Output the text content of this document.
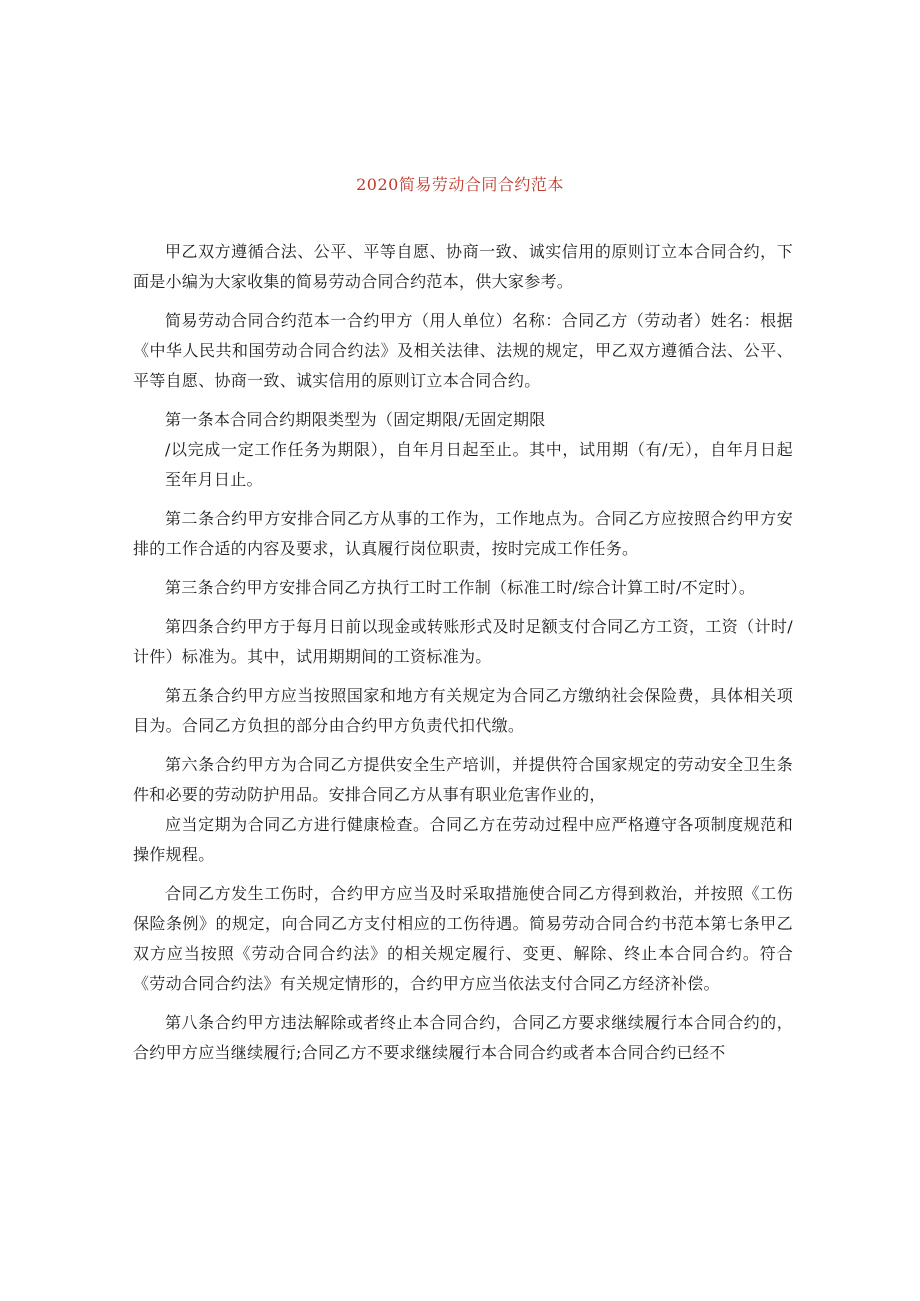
2020简易劳动合同合约范本

甲乙双方遵循合法、公平、平等自愿、协商一致、诚实信用的原则订立本合同合约，下面是小编为大家收集的简易劳动合同合约范本，供大家参考。

简易劳动合同合约范本一合约甲方（用人单位）名称：合同乙方（劳动者）姓名：根据《中华人民共和国劳动合同合约法》及相关法律、法规的规定，甲乙双方遵循合法、公平、平等自愿、协商一致、诚实信用的原则订立本合同合约。

第一条本合同合约期限类型为（固定期限/无固定期限

/以完成一定工作任务为期限），自年月日起至止。其中，试用期（有/无），自年月日起至年月日止。

第二条合约甲方安排合同乙方从事的工作为，工作地点为。合同乙方应按照合约甲方安排的工作合适的内容及要求，认真履行岗位职责，按时完成工作任务。

第三条合约甲方安排合同乙方执行工时工作制（标准工时/综合计算工时/不定时）。

第四条合约甲方于每月日前以现金或转账形式及时足额支付合同乙方工资，工资（计时/计件）标准为。其中，试用期期间的工资标准为。

第五条合约甲方应当按照国家和地方有关规定为合同乙方缴纳社会保险费，具体相关项目为。合同乙方负担的部分由合约甲方负责代扣代缴。

第六条合约甲方为合同乙方提供安全生产培训，并提供符合国家规定的劳动安全卫生条件和必要的劳动防护用品。安排合同乙方从事有职业危害作业的，

应当定期为合同乙方进行健康检查。合同乙方在劳动过程中应严格遵守各项制度规范和操作规程。

合同乙方发生工伤时，合约甲方应当及时采取措施使合同乙方得到救治，并按照《工伤保险条例》的规定，向合同乙方支付相应的工伤待遇。简易劳动合同合约书范本第七条甲乙双方应当按照《劳动合同合约法》的相关规定履行、变更、解除、终止本合同合约。符合《劳动合同合约法》有关规定情形的，合约甲方应当依法支付合同乙方经济补偿。

第八条合约甲方违法解除或者终止本合同合约，合同乙方要求继续履行本合同合约的，合约甲方应当继续履行;合同乙方不要求继续履行本合同合约或者本合同合约已经不
